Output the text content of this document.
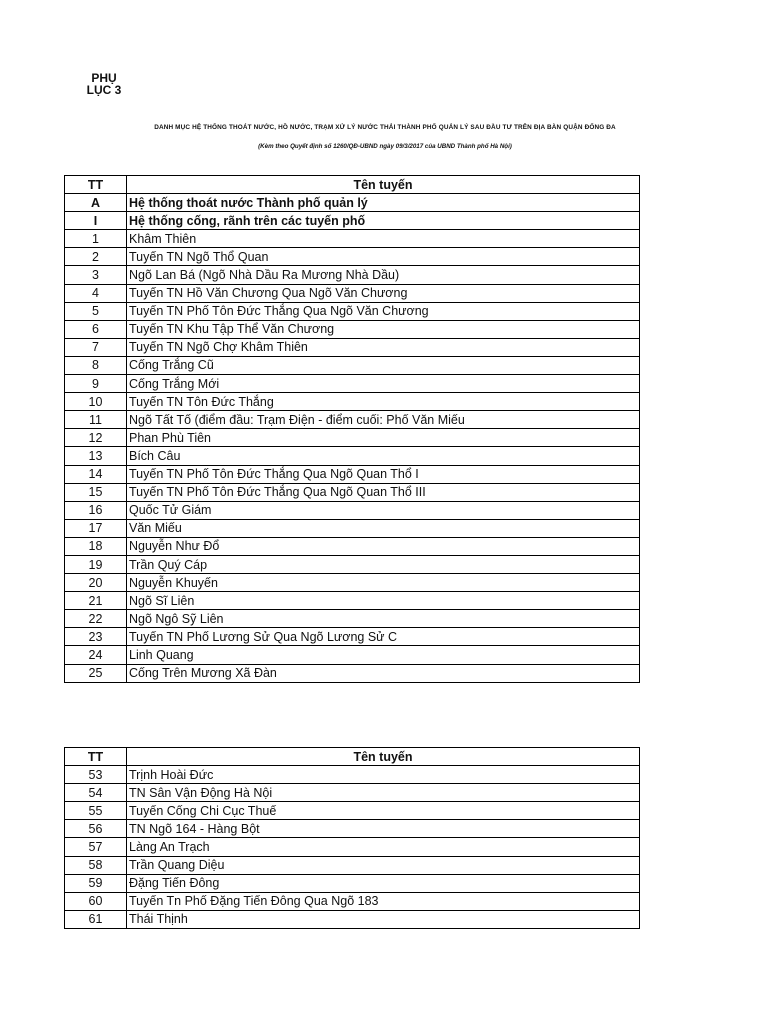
PHỤ
LỤC 3
DANH MỤC HỆ THỐNG THOÁT NƯỚC, HỒ NƯỚC, TRẠM XỬ LÝ NƯỚC THẢI THÀNH PHỐ QUẢN LÝ SAU ĐẦU TƯ TRÊN ĐỊA BÀN QUẬN ĐỐNG ĐA
(Kèm theo Quyết định số 1260/QĐ-UBND ngày 09/3/2017 của UBND Thành phố Hà Nội)
TT	Tên tuyến
A	Hệ thống thoát nước Thành phố quản lý
I	Hệ thống cống, rãnh trên các tuyến phố
1	Khâm Thiên
2	Tuyến TN Ngõ Thổ Quan
3	Ngõ Lan Bá (Ngõ Nhà Dầu Ra Mương Nhà Dầu)
4	Tuyến TN Hồ Văn Chương Qua Ngõ Văn Chương
5	Tuyến TN Phố Tôn Đức Thắng Qua Ngõ Văn Chương
6	Tuyến TN Khu Tập Thể Văn Chương
7	Tuyến TN Ngõ Chợ Khâm Thiên
8	Cống Trắng Cũ
9	Cống Trắng Mới
10	Tuyến TN Tôn Đức Thắng
11	Ngõ Tất Tố (điểm đầu: Trạm Điện - điểm cuối: Phố Văn Miếu
12	Phan Phù Tiên
13	Bích Câu
14	Tuyến TN Phố Tôn Đức Thắng Qua Ngõ Quan Thổ I
15	Tuyến TN Phố Tôn Đức Thắng Qua Ngõ Quan Thổ III
16	Quốc Tử Giám
17	Văn Miếu
18	Nguyễn Như Đổ
19	Trần Quý Cáp
20	Nguyễn Khuyến
21	Ngõ Sĩ Liên
22	Ngõ Ngô Sỹ Liên
23	Tuyến TN Phố Lương Sử Qua Ngõ Lương Sử C
24	Linh Quang
25	Cống Trên Mương Xã Đàn
TT	Tên tuyến
53	Trịnh Hoài Đức
54	TN Sân Vận Động Hà Nội
55	Tuyến Cống Chi Cục Thuế
56	TN Ngõ 164 - Hàng Bột
57	Làng An Trạch
58	Trần Quang Diệu
59	Đặng Tiến Đông
60	Tuyến Tn Phố Đặng Tiến Đông Qua Ngõ 183
61	Thái Thịnh
